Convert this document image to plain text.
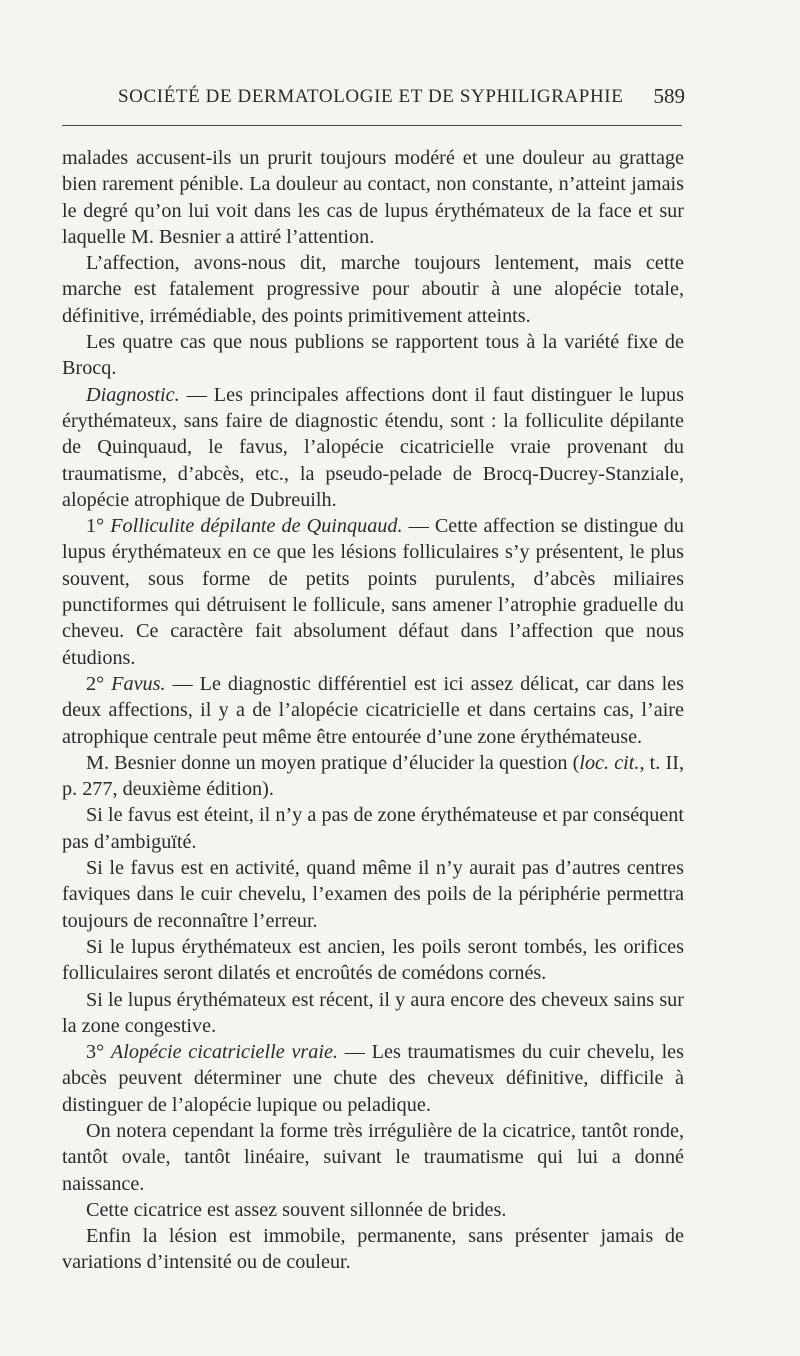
SOCIÉTÉ DE DERMATOLOGIE ET DE SYPHILIGRAPHIE 589

malades accusent-ils un prurit toujours modéré et une douleur au grattage bien rarement pénible. La douleur au contact, non constante, n’atteint jamais le degré qu’on lui voit dans les cas de lupus érythémateux de la face et sur laquelle M. Besnier a attiré l’attention.

L’affection, avons-nous dit, marche toujours lentement, mais cette marche est fatalement progressive pour aboutir à une alopécie totale, définitive, irrémédiable, des points primitivement atteints.

Les quatre cas que nous publions se rapportent tous à la variété fixe de Brocq.

Diagnostic. — Les principales affections dont il faut distinguer le lupus érythémateux, sans faire de diagnostic étendu, sont : la folliculite dépilante de Quinquaud, le favus, l’alopécie cicatricielle vraie provenant du traumatisme, d’abcès, etc., la pseudo-pelade de Brocq-Ducrey-Stanziale, alopécie atrophique de Dubreuilh.

1° Folliculite dépilante de Quinquaud. — Cette affection se distingue du lupus érythémateux en ce que les lésions folliculaires s’y présentent, le plus souvent, sous forme de petits points purulents, d’abcès miliaires punctiformes qui détruisent le follicule, sans amener l’atrophie graduelle du cheveu. Ce caractère fait absolument défaut dans l’affection que nous étudions.

2° Favus. — Le diagnostic différentiel est ici assez délicat, car dans les deux affections, il y a de l’alopécie cicatricielle et dans certains cas, l’aire atrophique centrale peut même être entourée d’une zone érythémateuse.

M. Besnier donne un moyen pratique d’élucider la question (loc. cit., t. II, p. 277, deuxième édition).

Si le favus est éteint, il n’y a pas de zone érythémateuse et par conséquent pas d’ambiguïté.

Si le favus est en activité, quand même il n’y aurait pas d’autres centres faviques dans le cuir chevelu, l’examen des poils de la périphérie permettra toujours de reconnaître l’erreur.

Si le lupus érythémateux est ancien, les poils seront tombés, les orifices folliculaires seront dilatés et encroûtés de comédons cornés.

Si le lupus érythémateux est récent, il y aura encore des cheveux sains sur la zone congestive.

3° Alopécie cicatricielle vraie. — Les traumatismes du cuir chevelu, les abcès peuvent déterminer une chute des cheveux définitive, difficile à distinguer de l’alopécie lupique ou peladique.

On notera cependant la forme très irrégulière de la cicatrice, tantôt ronde, tantôt ovale, tantôt linéaire, suivant le traumatisme qui lui a donné naissance.

Cette cicatrice est assez souvent sillonnée de brides.

Enfin la lésion est immobile, permanente, sans présenter jamais de variations d’intensité ou de couleur.
